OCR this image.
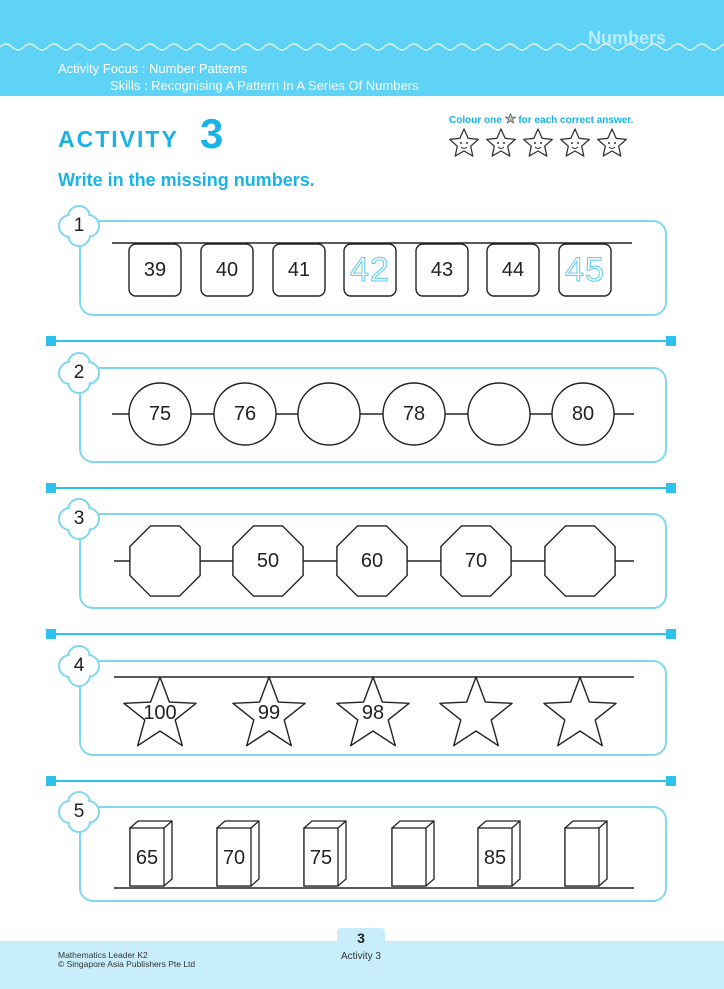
Numbers
Activity Focus : Number Patterns
Skills : Recognising A Pattern In A Series Of Numbers
ACTIVITY 3
Write in the missing numbers.
Colour one for each correct answer.
1
2
3
4
5
39	40	41	42	43	44	45
75	76	78	80
50	60	70
100	99	98
65	70	75	85
3
Activity 3
Mathematics Leader K2
© Singapore Asia Publishers Pte Ltd
